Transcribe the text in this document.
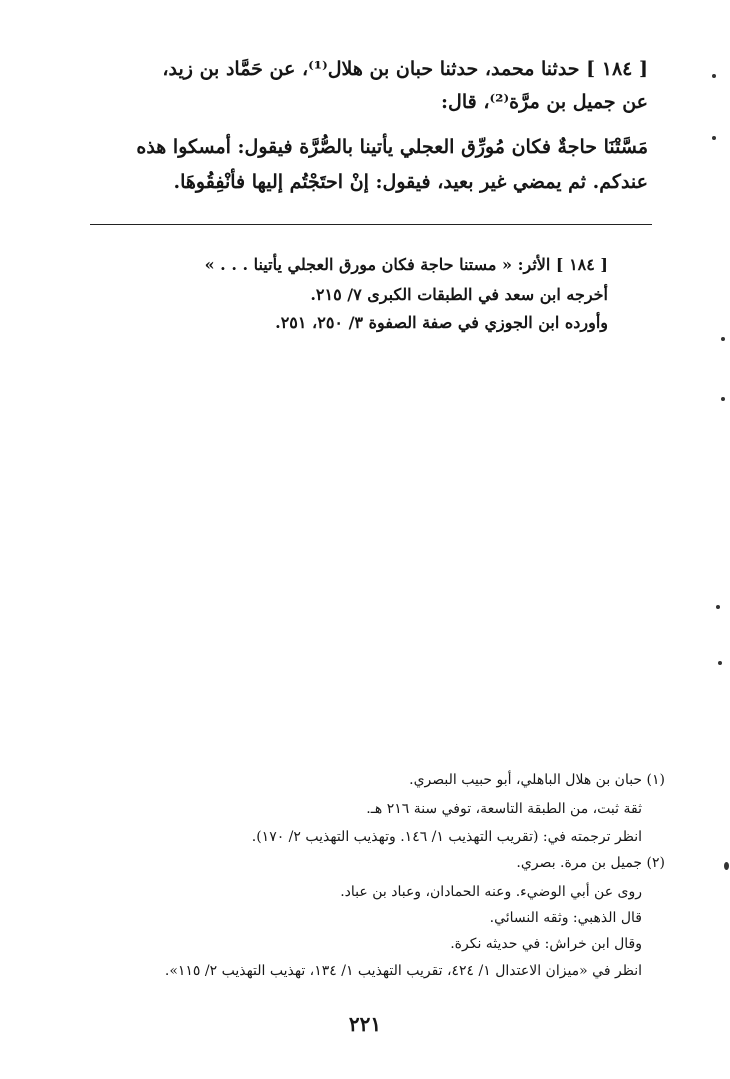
[ ١٨٤ ] حدثنا محمد، حدثنا حبان بن هلال⁽¹⁾، عن حَمَّاد بن زيد،
عن جميل بن مرَّة⁽²⁾، قال:
مَسَّتْنَا حاجةٌ فكان مُورِّق العجلي يأتينا بالصُّرَّة فيقول: أمسكوا هذه
عندكم. ثم يمضي غير بعيد، فيقول: إنْ احتَجْتُم إليها فأنْفِقُوهَا.
[ ١٨٤ ] الأثر: « مستنا حاجة فكان مورق العجلي يأتينا . . . »
أخرجه ابن سعد في الطبقات الكبرى ٧/ ٢١٥.
وأورده ابن الجوزي في صفة الصفوة ٣/ ٢٥٠، ٢٥١.
(١) حبان بن هلال الباهلي، أبو حبيب البصري.
ثقة ثبت، من الطبقة التاسعة، توفي سنة ٢١٦ هـ.
انظر ترجمته في: (تقريب التهذيب ١/ ١٤٦. وتهذيب التهذيب ٢/ ١٧٠).
(٢) جميل بن مرة. بصري.
روى عن أبي الوضيء. وعنه الحمادان، وعباد بن عباد.
قال الذهبي: وثقه النسائي.
وقال ابن خراش: في حديثه نكرة.
انظر في «ميزان الاعتدال ١/ ٤٢٤، تقريب التهذيب ١/ ١٣٤، تهذيب التهذيب ٢/ ١١٥».
٢٢١
